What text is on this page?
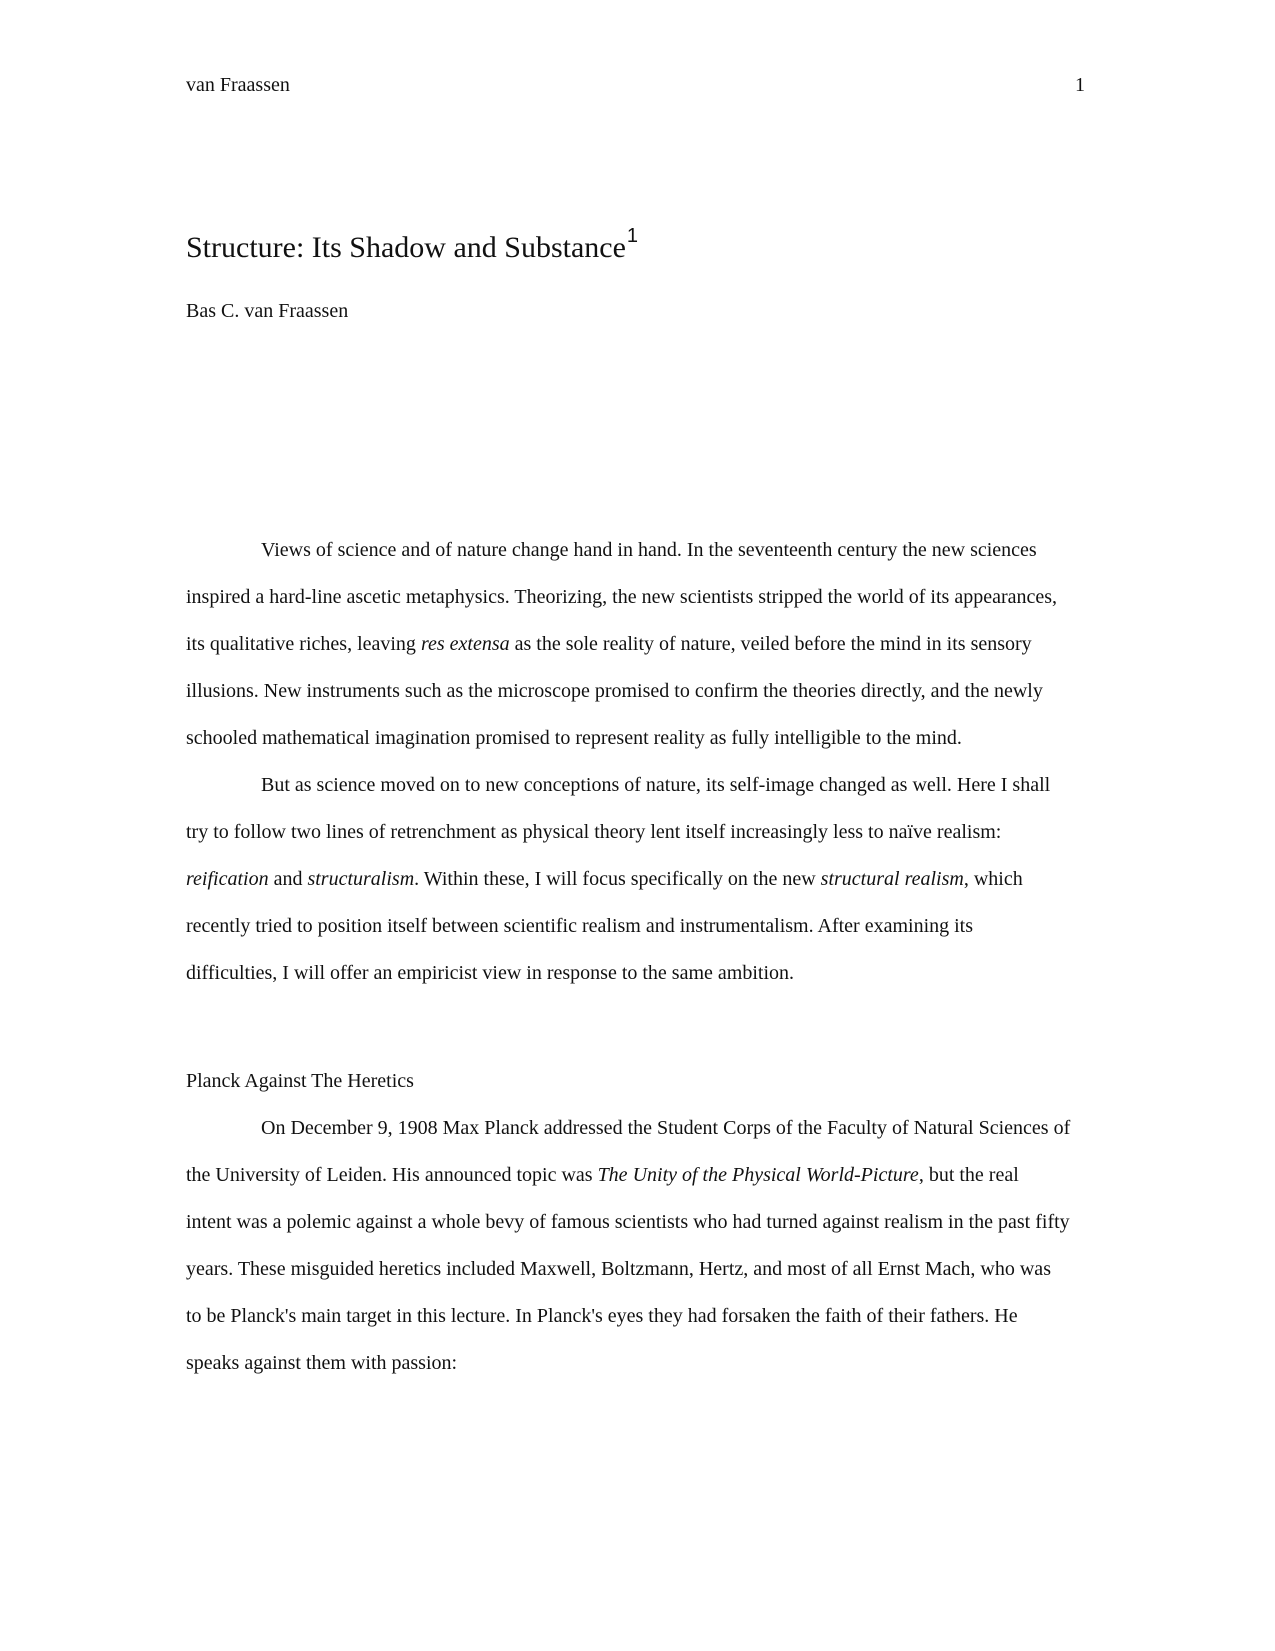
van Fraassen	1
Structure: Its Shadow and Substance$^1$
Bas C. van Fraassen
Views of science and of nature change hand in hand. In the seventeenth century the new sciences
inspired a hard-line ascetic metaphysics. Theorizing, the new scientists stripped the world of its appearances,
its qualitative riches, leaving res extensa as the sole reality of nature, veiled before the mind in its sensory
illusions. New instruments such as the microscope promised to confirm the theories directly, and the newly
schooled mathematical imagination promised to represent reality as fully intelligible to the mind.
But as science moved on to new conceptions of nature, its self-image changed as well. Here I shall
try to follow two lines of retrenchment as physical theory lent itself increasingly less to naïve realism:
reification and structuralism. Within these, I will focus specifically on the new structural realism, which
recently tried to position itself between scientific realism and instrumentalism. After examining its
difficulties, I will offer an empiricist view in response to the same ambition.
Planck Against The Heretics
On December 9, 1908 Max Planck addressed the Student Corps of the Faculty of Natural Sciences of
the University of Leiden. His announced topic was The Unity of the Physical World-Picture, but the real
intent was a polemic against a whole bevy of famous scientists who had turned against realism in the past fifty
years. These misguided heretics included Maxwell, Boltzmann, Hertz, and most of all Ernst Mach, who was
to be Planck's main target in this lecture. In Planck's eyes they had forsaken the faith of their fathers. He
speaks against them with passion:
